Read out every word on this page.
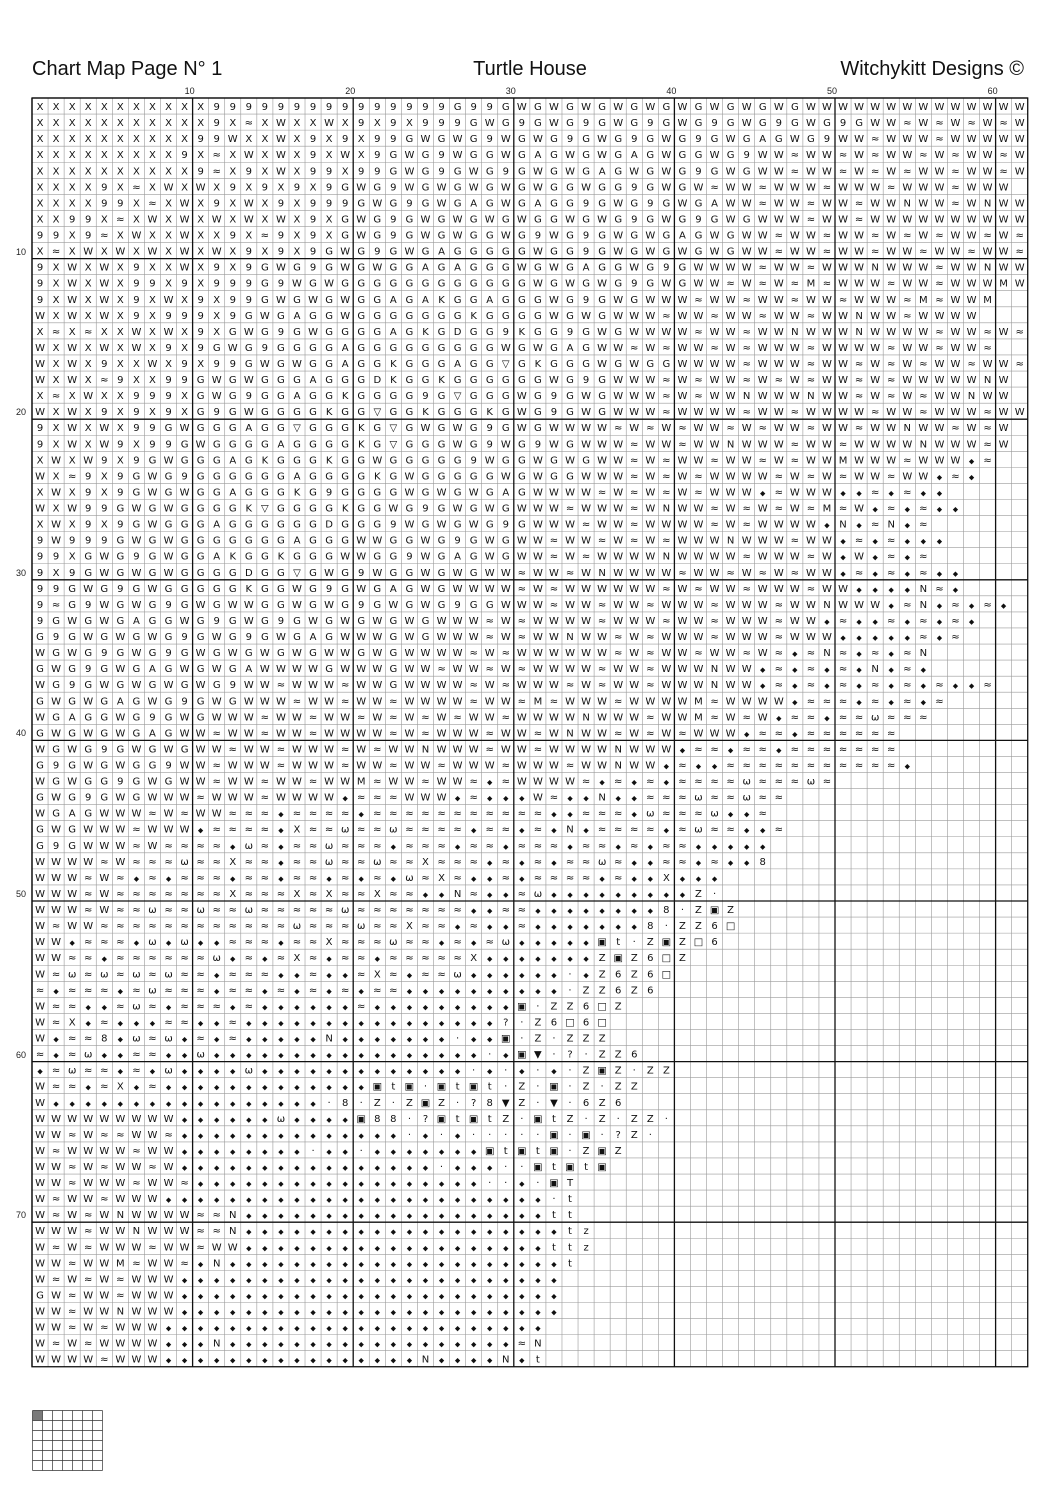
Chart Map Page N° 1	Turtle House	Witchykitt Designs ©
10	20	30	40	50	60
10
20
30
40
50
60
70
X X X X X X X X X X X 9 9 9 9 9 9 9 9 9 9 9 9 9 9 9 G 9 9 G W G W G W G W G W G W G W G W G W G W W W W W W W W W W W W W W
X X X X X X X X X X X 9 X ≈ X W X X W X 9 X 9 X 9 9 9 G W G 9 G W G 9 G W G 9 G W G 9 G W G 9 G W G 9 G W W ≈ W ≈ W ≈ W ≈ W
X X X X X X X X X X 9 9 W X X W X 9 X 9 X 9 9 G W G W G 9 W G W G 9 G W G 9 G W G 9 G W G A G W G 9 W W ≈ W W W ≈ W W W W W
X X X X X X X X X 9 X ≈ X W X W X 9 X W X 9 G W G 9 W G G W G A G W G W G A G W G G W G 9 W W ≈ W W ≈ W ≈ W W ≈ W ≈ W W ≈ W
X X X X X X X X X X 9 ≈ X 9 X W X 9 9 X 9 9 G W G 9 G W G 9 G W G W G A G W G W G 9 G W G W W ≈ W W ≈ W ≈ W ≈ W W ≈ W W ≈ W
X X X X 9 X ≈ X W X W X 9 X 9 X 9 X 9 G W G 9 W G W G W G W G W G G W G G 9 G W G W ≈ W W ≈ W W W ≈ W W W ≈ W W W ≈ W W W
X X X X 9 9 X ≈ X W X 9 X W X 9 X 9 9 9 G W G 9 G W G A G W G A G G 9 G W G 9 G W G A W W ≈ W W ≈ W W ≈ W W N W W ≈ W N W W
X X 9 9 X ≈ X W X W X W X W X W X 9 X G W G 9 G W G W G W G W G G W G W G 9 G W G 9 G W G W W W ≈ W W ≈ W W W W W W W W W W
9 9 X 9 ≈ X W X X W X X 9 X ≈ 9 X 9 X G W G 9 G W G W G G W G 9 W G 9 G W G W G A G W G W W ≈ W W ≈ W W ≈ W ≈ W ≈ W W ≈ W ≈
X ≈ X W X W X W X W X W X 9 X 9 X 9 G W G 9 G W G A G G G G G W G G 9 G W G W G W G W G W W ≈ W W ≈ W W ≈ W W ≈ W W ≈ W W ≈
9 X W X W X 9 X X W X 9 X 9 G W G 9 G W G W G G A G A G G G W G W G A G G W G 9 G W W W W ≈ W W ≈ W W W N W W W ≈ W W N W W
9 X W X W X 9 9 X 9 X 9 9 9 G 9 W G W G G G G G G G G G G G G W G W G W G 9 G W G W W ≈ W ≈ W ≈ M ≈ W W W ≈ W W ≈ W W W M W
9 X W X W X 9 X W X 9 X 9 9 G W G W G W G G A G A K G G A G G G W G 9 G W G W W W ≈ W W ≈ W W ≈ W W ≈ W W W ≈ M ≈ W W M
W X W X W X 9 X 9 9 9 X 9 G W G A G G W G G G G G G G K G G G G W G W G W W W ≈ W W ≈ W W ≈ W W ≈ W W N W W ≈ W W W W
X ≈ X ≈ X X W X W X 9 X G W G 9 G W G G G G A G K G D G G 9 K G G 9 G W G W W W W ≈ W W ≈ W W N W W W N W W W W ≈ W W ≈ W ≈
W X W X W X W X 9 X 9 G W G 9 G G G G A G G G G G G G G G W G W G A G W W ≈ W ≈ W W ≈ W ≈ W W W ≈ W W W W ≈ W W ≈ W W ≈
W X W X 9 X X W X 9 X 9 9 G W G W G G A G G K G G G A G G ▽ G K G G G W G W G G W W W W ≈ W W W ≈ W W ≈ W ≈ W ≈ W W ≈ W W ≈
W X W X ≈ 9 X X 9 9 G W G W G G G A G G G D K G G K G G G G G G W G 9 G W W W ≈ W ≈ W W ≈ W ≈ W ≈ W W ≈ W ≈ W W W W W N W
X ≈ X W X X 9 9 9 X G W G 9 G G A G G K G G G G 9 G ▽ G G G W G 9 G W G W W W ≈ W ≈ W W N W W W N W W ≈ W ≈ W ≈ W W N W W
W X W X 9 X 9 X 9 X G 9 G W G G G G K G G ▽ G G K G G G K G W G 9 G W G W W W ≈ W W W W ≈ W W ≈ W W W W ≈ W W ≈ W W W ≈ W W
9 X W X W X 9 9 G W G G G A G G ▽ G G G K G ▽ G W G W G 9 G W G W W W W ≈ W ≈ W ≈ W W ≈ W ≈ W W ≈ W W ≈ W W N W W ≈ W ≈ W
9 X W X W 9 X 9 9 G W G G G G A G G G G K G ▽ G G G W G 9 W G 9 W G W W W ≈ W W ≈ W W N W W W ≈ W W ≈ W W W W N W W W ≈ W
X W X W 9 X 9 G W G G G A G K G G G K G G W G G G G G 9 W G G W G W G W W ≈ W ≈ W W ≈ W W ≈ W ≈ W W M W W W ≈ W W W ◆ ≈
W X ≈ 9 X 9 G W G 9 G G G G G G A G G G G K G W G G G G G W G W G G W W W ≈ W ≈ W ≈ W W W W ≈ W ≈ W ≈ W W ≈ W W ◆ ≈ ◆
X W X 9 X 9 G W G W G G A G G G K G 9 G G G G W G W G W G A G W W W W ≈ W ≈ W ≈ W ≈ W W W ◆ ≈ W W W ◆ ◆ ≈ ◆ ≈ ◆ ◆
W X W 9 9 G W G W G G G G K ▽ G G G G K G G W G 9 G W G W G W W W ≈ W W W ≈ W N W W ≈ W ≈ W ≈ W ≈ M ≈ W ◆ ≈ ◆ ≈ ◆ ◆
X W X 9 X 9 G W G G G A G G G G G G D G G G 9 W G W G W G 9 G W W W ≈ W W ≈ W W W W ≈ W ≈ W W W W ◆ N ◆ ≈ N ◆ ≈
9 W 9 9 9 G W G W G G G G G G G A G G G W W G G W G 9 G W G W W ≈ W W ≈ W ≈ W ≈ W W W N W W W ≈ W W ◆ ≈ ◆ ≈ ◆ ◆ ◆
9 9 X G W G 9 G W G G A K G G K G G G W W G G 9 W G A G W G W W ≈ W ≈ W W W W N W W W W ≈ W W W ≈ W ◆ W ◆ ≈ ◆ ≈
9 X 9 G W G W G W G G G G D G G ▽ G W G 9 W G G W G W G W W ≈ W W ≈ W N W W W W ≈ W W ≈ W ≈ W ≈ W W ◆ ≈ ◆ ≈ ◆ ≈ ◆ ◆
9 9 G W G 9 G W G G G G G K G G W G 9 G W G A G W G W W W W ≈ W ≈ W W W W W W ≈ W ≈ W W ≈ W W W ≈ W W ◆ ◆ ◆ ◆ N ≈ ◆
9 ≈ G 9 W G W G 9 G W G W W G G W G W G 9 G W G W G 9 G G W W W ≈ W W ≈ W W ≈ W W W ≈ W W W ≈ W W N W W W ◆ ≈ N ◆ ≈ ◆ ≈ ◆
9 G W G W G A G G W G 9 G W G 9 G W G W G W G W G W W W ≈ W ≈ W W W W ≈ W W W ≈ W W ≈ W W W ≈ W W ◆ ≈ ◆ ◆ ≈ ◆ ≈ ◆ ≈ ◆
G 9 G W G W G W G 9 G W G 9 G W G A G W W W G W G W W W ≈ W ≈ W W N W W ≈ W ≈ W W W ≈ W W W ≈ W W W ◆ ◆ ◆ ◆ ◆ ≈ ◆ ≈
W G W G 9 G W G 9 G W G W G W G W G W W G W G W W W W ≈ W ≈ W W W W W W ≈ W ≈ W W ≈ W W ≈ W ≈ ◆ ≈ N ≈ ◆ ≈ ◆ ≈ N
G W G 9 G W G A G W G W G A W W W W G W W W G W W ≈ W W ≈ W ≈ W W W W ≈ W W ≈ W W W N W W ◆ ≈ ◆ ≈ ◆ ≈ ◆ N ◆ ≈ ◆
W G 9 G W G W G W G W G 9 W W ≈ W W W ≈ W W G W W W W ≈ W ≈ W W W ≈ W ≈ W W ≈ W W W N W W ◆ ≈ ◆ ≈ ◆ ≈ ◆ ≈ ◆ ≈ ◆ ≈ ◆ ◆ ≈
G W G W G A G W G 9 G W G W W W ≈ W W ≈ W W ≈ W W W W ≈ W W ≈ M ≈ W W W ≈ W W W W M ≈ W W W W ◆ ≈ ≈ ≈ ◆ ≈ ◆ ≈ ◆ ≈
W G A G G W G 9 G W G W W W ≈ W W ≈ W W ≈ W ≈ W ≈ W ≈ W W ≈ W W W W N W W W ≈ W W M ≈ W ≈ W ◆ ≈ ≈ ◆ ≈ ≈ ω ≈ ≈ ≈
G W G W G W G A G W W ≈ W W ≈ W W ≈ W W W W ≈ W ≈ W W W ≈ W W ≈ W N W W ≈ W ≈ W ≈ W W W ◆ ≈ ≈ ◆ ≈ ≈ ≈ ≈ ≈ ≈
W G W G 9 G W G W G W W ≈ W W ≈ W W W ≈ W ≈ W W N W W W ≈ W W ≈ W W W W N W W W ◆ ≈ ≈ ◆ ≈ ≈ ◆ ≈ ≈ ≈ ≈ ≈ ≈ ≈
G 9 G W G W G G 9 W W ≈ W W W ≈ W W W ≈ W W ≈ W W ≈ W W W ≈ W W W ≈ W W N W W ◆ ≈ ◆ ◆ ≈ ≈ ≈ ≈ ≈ ≈ ≈ ≈ ≈ ≈ ≈ ◆
W G W G G 9 G W G W W ≈ W W ≈ W W ≈ W W M ≈ W W ≈ W W ≈ ◆ ≈ W W W W ≈ ◆ ≈ ◆ ≈ ◆ ≈ ≈ ≈ ≈ ω ≈ ≈ ≈ ω ≈
G W G 9 G W G W W W ≈ W W W ≈ W W W W ◆ ≈ ≈ ≈ W W W ◆ ≈ ◆ ◆ ◆ W ≈ ◆ ◆ N ◆ ◆ ≈ ≈ ≈ ω ≈ ≈ ω ≈ ≈
W G A G W W W ≈ W ≈ W W ≈ ≈ ≈ ◆ ≈ ≈ ≈ ≈ ◆ ≈ ≈ ≈ ≈ ≈ ≈ ≈ ≈ ≈ ≈ ≈ ◆ ◆ ≈ ≈ ≈ ◆ ω ≈ ≈ ≈ ω ◆ ◆ ≈
G W G W W W ≈ W W W ◆ ≈ ≈ ≈ ≈ ◆ X ≈ ≈ ω ≈ ≈ ω ≈ ≈ ≈ ≈ ◆ ≈ ≈ ◆ ≈ ◆ N ◆ ≈ ≈ ≈ ≈ ◆ ≈ ω ≈ ≈ ◆ ◆ ≈
G 9 G W W W ≈ W ≈ ≈ ≈ ≈ ◆ ω ≈ ◆ ≈ ≈ ω ≈ ≈ ≈ ◆ ≈ ≈ ≈ ◆ ≈ ≈ ◆ ≈ ≈ ≈ ◆ ≈ ≈ ◆ ≈ ◆ ≈ ≈ ◆ ◆ ◆ ◆ ◆
W W W W ≈ W ≈ ≈ ≈ ω ≈ ≈ X ≈ ≈ ◆ ≈ ≈ ω ≈ ≈ ω ≈ ≈ X ≈ ≈ ≈ ◆ ≈ ◆ ≈ ◆ ≈ ≈ ω ≈ ◆ ◆ ≈ ≈ ◆ ≈ ◆ ◆ 8
W W W ≈ W ≈ ◆ ≈ ◆ ≈ ≈ ≈ ◆ ≈ ≈ ◆ ≈ ≈ ◆ ≈ ◆ ≈ ◆ ω ≈ X ≈ ◆ ◆ ≈ ◆ ≈ ≈ ≈ ≈ ◆ ≈ ◆ ◆ X ◆ ◆ ◆
W W W ≈ W ≈ ≈ ≈ ≈ ≈ ≈ ≈ X ≈ ≈ ≈ X ≈ X ≈ ≈ X ≈ ≈ ◆ ◆ N ≈ ◆ ◆ ≈ ω ◆ ◆ ◆ ◆ ◆ ◆ ◆ ◆ ◆ Z ·
W W W ≈ W ≈ ≈ ω ≈ ≈ ω ≈ ≈ ω ≈ ≈ ≈ ≈ ≈ ω ≈ ≈ ≈ ≈ ≈ ≈ ≈ ◆ ◆ ≈ ≈ ◆ ◆ ◆ ◆ ◆ ◆ ◆ ◆ 8 · Z ▣ Z
W ≈ W W ≈ ≈ ≈ ≈ ≈ ≈ ≈ ≈ ≈ ≈ ≈ ≈ ω ≈ ≈ ≈ ω ≈ ≈ X ≈ ≈ ◆ ≈ ◆ ◆ ≈ ◆ ◆ ◆ ◆ ◆ ◆ ◆ 8 · Z Z 6 □
W W ◆ ≈ ≈ ≈ ◆ ω ◆ ω ◆ ◆ ≈ ≈ ≈ ◆ ≈ ≈ X ≈ ≈ ≈ ω ≈ ≈ ◆ ≈ ◆ ≈ ω ◆ ◆ ◆ ◆ ◆ ▣ t · Z ▣ Z □ 6
W W ≈ ≈ ◆ ≈ ≈ ≈ ≈ ≈ ≈ ω ◆ ≈ ◆ ≈ X ≈ ◆ ≈ ≈ ◆ ≈ ≈ ≈ ≈ ≈ X ◆ ◆ ◆ ◆ ◆ ◆ ◆ Z ▣ Z 6 □ Z
W ≈ ω ≈ ω ≈ ω ≈ ω ≈ ≈ ◆ ≈ ≈ ≈ ◆ ◆ ≈ ◆ ◆ ≈ X ≈ ◆ ≈ ≈ ω ◆ ◆ ◆ ◆ ◆ ◆ · ◆ Z 6 Z 6 □
≈ ◆ ≈ ≈ ≈ ◆ ≈ ω ≈ ≈ ≈ ◆ ≈ ≈ ◆ ≈ ◆ ≈ ◆ ≈ ◆ ≈ ≈ ◆ ◆ ◆ ◆ ◆ ◆ ◆ ◆ ◆ ◆ · Z Z 6 Z 6
W ≈ ≈ ◆ ◆ ≈ ω ≈ ◆ ≈ ≈ ≈ ◆ ≈ ◆ ◆ ◆ ◆ ◆ ◆ ≈ ◆ ◆ ◆ ◆ ◆ ◆ ◆ ◆ ◆ ▣ · Z Z 6 □ Z
W ≈ X ◆ ≈ ◆ ◆ ◆ ≈ ≈ ◆ ◆ ≈ ◆ ◆ ◆ ◆ ◆ ◆ ◆ ◆ ◆ ◆ ◆ ◆ ◆ ◆ ◆ ◆ ? · Z 6 □ 6 □
W ◆ ≈ ≈ 8 ◆ ω ≈ ω ◆ ≈ ◆ ≈ ◆ ◆ ◆ ◆ ◆ N ◆ ◆ ◆ ◆ ◆ ◆ ◆ · ◆ ◆ ▣ · Z · Z Z Z
≈ ◆ ≈ ω ◆ ◆ ≈ ≈ ◆ ◆ ω ◆ ◆ ◆ ◆ ◆ ◆ ◆ ◆ ◆ ◆ ◆ ◆ ◆ ◆ ◆ ◆ ◆ · ◆ ▣ ▼ · ? · Z Z 6
◆ ≈ ω ≈ ≈ ◆ ≈ ◆ ω ◆ ◆ ◆ ◆ ω ◆ ◆ ◆ ◆ ◆ ◆ ◆ ◆ ◆ ◆ ◆ ◆ ◆ · ◆ · ◆ · ◆ · Z ▣ Z · Z Z
W ≈ ≈ ◆ ≈ X ◆ ≈ ◆ ◆ ◆ ◆ ◆ ◆ ◆ ◆ ◆ ◆ ◆ ◆ ◆ ▣ t ▣ · ▣ t ▣ t · Z · ▣ · Z · Z Z
W ◆ ◆ ◆ ◆ ◆ ◆ ◆ ◆ ◆ ◆ ◆ ◆ ◆ ◆ ◆ ◆ ◆ · 8 · Z · Z ▣ Z · ? 8 ▼ Z · ▼ · 6 Z 6
W W W W W W W W W ◆ ◆ ◆ ◆ ◆ ◆ ω ◆ ◆ ◆ ◆ ▣ 8 8 · ? ▣ t ▣ t Z · ▣ t Z · Z · Z Z ·
W W ≈ W ≈ ≈ W W ≈ ◆ ◆ ◆ ◆ ◆ ◆ ◆ ◆ ◆ ◆ ◆ ◆ ◆ ◆ · ◆ · ◆ · · · · · ▣ · ▣ · ? Z ·
W ≈ W W W W ≈ W W ◆ ◆ ◆ ◆ ◆ ◆ ◆ ◆ · ◆ ◆ · ◆ ◆ ◆ ◆ ◆ ◆ ◆ ▣ t ▣ t ▣ · Z ▣ Z
W W ≈ W ≈ W W ≈ W ◆ ◆ ◆ ◆ ◆ ◆ ◆ ◆ ◆ ◆ ◆ ◆ ◆ ◆ ◆ ◆ · ◆ ◆ ◆ · · ▣ t ▣ t ▣
W W ≈ W W W ≈ W W ≈ ◆ ◆ ◆ ◆ ◆ ◆ ◆ ◆ ◆ ◆ ◆ ◆ ◆ ◆ ◆ ◆ ◆ ◆ · · ◆ · ▣ T
W ≈ W W ≈ W W W ◆ ◆ ◆ ◆ ◆ ◆ ◆ ◆ ◆ ◆ ◆ ◆ ◆ ◆ ◆ ◆ ◆ ◆ ◆ ◆ ◆ ◆ ◆ ◆ · t
W ≈ W ≈ W N W W W W ≈ ≈ N ◆ ◆ ◆ ◆ ◆ ◆ ◆ ◆ ◆ ◆ ◆ ◆ ◆ ◆ ◆ ◆ ◆ ◆ ◆ t t
W W W ≈ W W N W W W ≈ ≈ N ◆ ◆ ◆ ◆ ◆ ◆ ◆ ◆ ◆ ◆ ◆ ◆ ◆ ◆ ◆ ◆ ◆ ◆ ◆ ◆ t z
W ≈ W ≈ W W W ≈ W W ≈ W W ◆ ◆ ◆ ◆ ◆ ◆ ◆ ◆ ◆ ◆ ◆ ◆ ◆ ◆ ◆ ◆ ◆ ◆ ◆ t t z
W W ≈ W W M ≈ W W ≈ ◆ N ◆ ◆ ◆ ◆ ◆ ◆ ◆ ◆ ◆ ◆ ◆ ◆ ◆ ◆ ◆ ◆ ◆ ◆ ◆ ◆ ◆ t
W ≈ W ≈ W ≈ W W W ◆ ◆ ◆ ◆ ◆ ◆ ◆ ◆ ◆ ◆ ◆ ◆ ◆ ◆ ◆ ◆ ◆ ◆ ◆ ◆ ◆ ◆ ◆ ◆
G W ≈ W W ≈ W W W ◆ ◆ ◆ ◆ ◆ ◆ ◆ ◆ ◆ ◆ ◆ ◆ ◆ ◆ ◆ ◆ ◆ ◆ ◆ ◆ ◆ ◆ ◆ ◆
W W ≈ W W N W W W ◆ ◆ ◆ ◆ ◆ ◆ ◆ ◆ ◆ ◆ ◆ ◆ ◆ ◆ ◆ ◆ ◆ ◆ ◆ ◆ ◆ ◆ ◆ ◆
W W ≈ W ≈ W W W ◆ ◆ ◆ ◆ ◆ ◆ ◆ ◆ ◆ ◆ ◆ ◆ ◆ ◆ ◆ ◆ ◆ ◆ ◆ ◆ ◆ ◆ ◆ ◆
W ≈ W ≈ W W W W ◆ ◆ ◆ N ◆ ◆ ◆ ◆ ◆ ◆ ◆ ◆ ◆ ◆ ◆ ◆ ◆ ◆ ◆ ◆ ◆ ◆ ≈ N
W W W W ≈ W W W ◆ ◆ ◆ ◆ ◆ ◆ ◆ ◆ ◆ ◆ ◆ ◆ ◆ ◆ ◆ ◆ N ◆ ◆ ◆ ◆ N ◆ t
